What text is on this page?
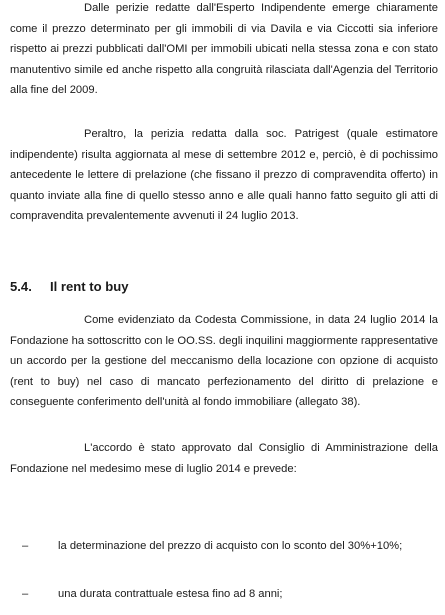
Dalle perizie redatte dall'Esperto Indipendente emerge chiaramente come il prezzo determinato per gli immobili di via Davila e via Ciccotti sia inferiore rispetto ai prezzi pubblicati dall'OMI per immobili ubicati nella stessa zona e con stato manutentivo simile ed anche rispetto alla congruità rilasciata dall'Agenzia del Territorio alla fine del 2009.

Peraltro, la perizia redatta dalla soc. Patrigest (quale estimatore indipendente) risulta aggiornata al mese di settembre 2012 e, perciò, è di pochissimo antecedente le lettere di prelazione (che fissano il prezzo di compravendita offerto) in quanto inviate alla fine di quello stesso anno e alle quali hanno fatto seguito gli atti di compravendita prevalentemente avvenuti il 24 luglio 2013.

5.4. Il rent to buy

Come evidenziato da Codesta Commissione, in data 24 luglio 2014 la Fondazione ha sottoscritto con le OO.SS. degli inquilini maggiormente rappresentative un accordo per la gestione del meccanismo della locazione con opzione di acquisto (rent to buy) nel caso di mancato perfezionamento del diritto di prelazione e conseguente conferimento dell'unità al fondo immobiliare (allegato 38).

L'accordo è stato approvato dal Consiglio di Amministrazione della Fondazione nel medesimo mese di luglio 2014 e prevede:

–	la determinazione del prezzo di acquisto con lo sconto del 30%+10%;
–	una durata contrattuale estesa fino ad 8 anni;
